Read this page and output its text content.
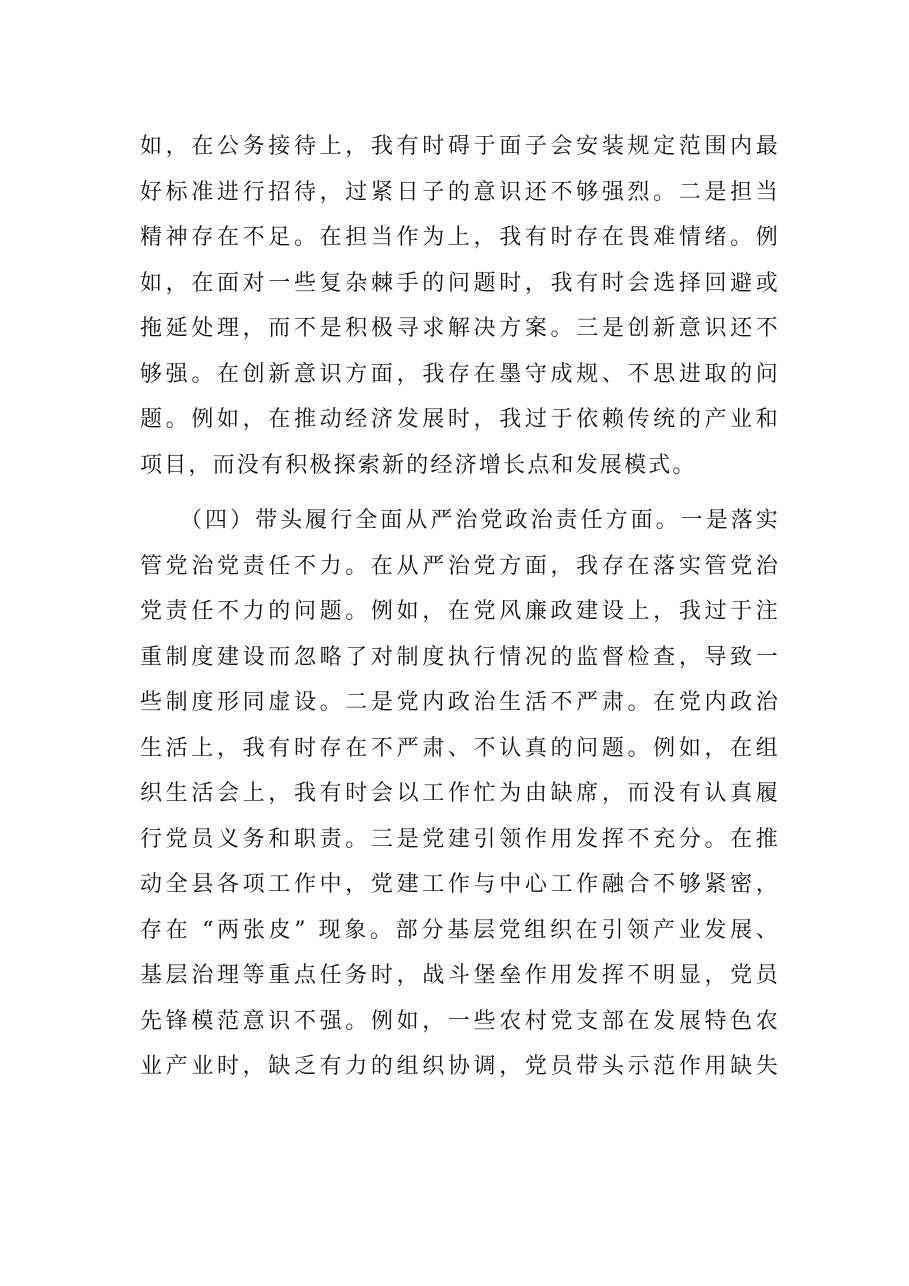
如，在公务接待上，我有时碍于面子会安装规定范围内最
好标准进行招待，过紧日子的意识还不够强烈。二是担当
精神存在不足。在担当作为上，我有时存在畏难情绪。例
如，在面对一些复杂棘手的问题时，我有时会选择回避或
拖延处理，而不是积极寻求解决方案。三是创新意识还不
够强。在创新意识方面，我存在墨守成规、不思进取的问
题。例如，在推动经济发展时，我过于依赖传统的产业和
项目，而没有积极探索新的经济增长点和发展模式。
（四）带头履行全面从严治党政治责任方面。一是落实
管党治党责任不力。在从严治党方面，我存在落实管党治
党责任不力的问题。例如，在党风廉政建设上，我过于注
重制度建设而忽略了对制度执行情况的监督检查，导致一
些制度形同虚设。二是党内政治生活不严肃。在党内政治
生活上，我有时存在不严肃、不认真的问题。例如，在组
织生活会上，我有时会以工作忙为由缺席，而没有认真履
行党员义务和职责。三是党建引领作用发挥不充分。在推
动全县各项工作中，党建工作与中心工作融合不够紧密，
存在 “两张皮” 现象。部分基层党组织在引领产业发展、
基层治理等重点任务时，战斗堡垒作用发挥不明显，党员
先锋模范意识不强。例如，一些农村党支部在发展特色农
业产业时，缺乏有力的组织协调，党员带头示范作用缺失
